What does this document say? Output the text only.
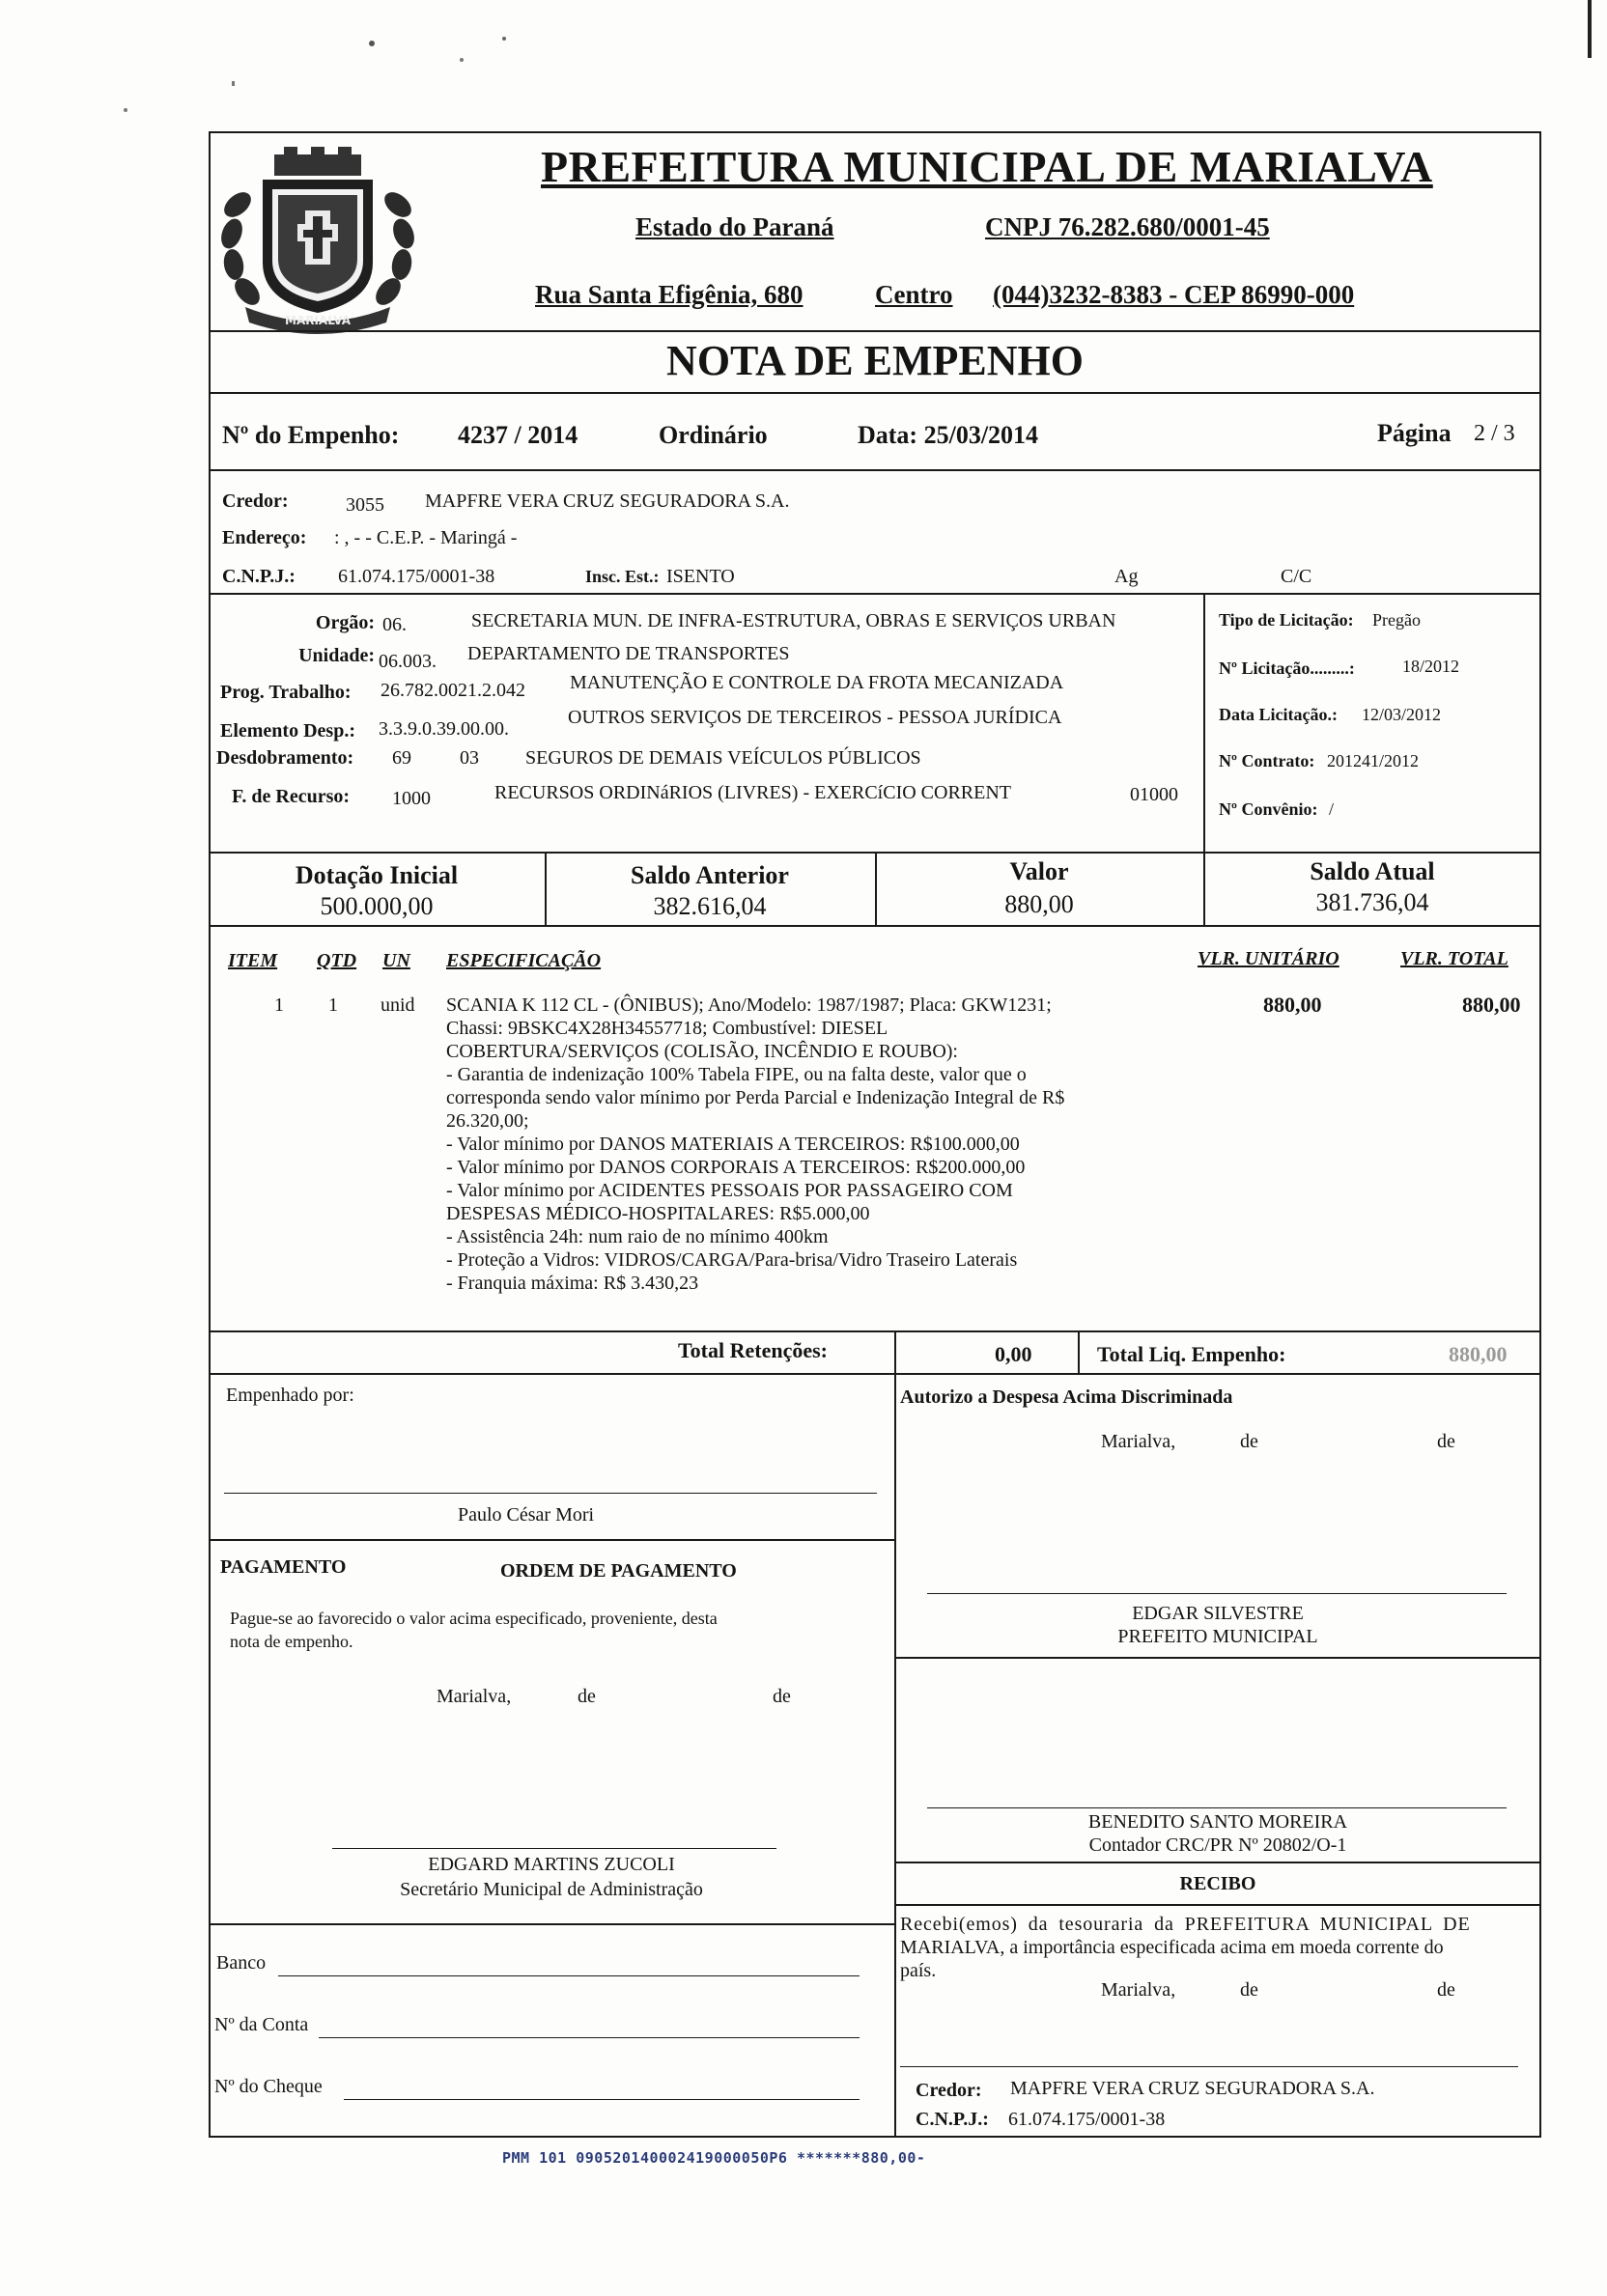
MARIALVA
PREFEITURA MUNICIPAL DE MARIALVA
Estado do Paraná	CNPJ 76.282.680/0001-45
Rua Santa Efigênia, 680	Centro (044)3232-8383 - CEP 86990-000
NOTA DE EMPENHO
Nº do Empenho: 4237 / 2014	Ordinário	Data: 25/03/2014	Página 2 / 3
Credor:	3055 MAPFRE VERA CRUZ SEGURADORA S.A.
Endereço: : , - - C.E.P. - Maringá -
C.N.P.J.: 61.074.175/0001-38	Insc. Est.: ISENTO	Ag	C/C
Orgão: 06.	SECRETARIA MUN. DE INFRA-ESTRUTURA, OBRAS E SERVIÇOS URBAN
Unidade: 06.003. DEPARTAMENTO DE TRANSPORTES
Prog. Trabalho: 26.782.0021.2.042 MANUTENÇÃO E CONTROLE DA FROTA MECANIZADA
Elemento Desp.: 3.3.9.0.39.00.00.
OUTROS SERVIÇOS DE TERCEIROS - PESSOA JURÍDICA
Desdobramento: 69	03 SEGUROS DE DEMAIS VEÍCULOS PÚBLICOS
F. de Recurso: 1000	RECURSOS ORDINáRIOS (LIVRES) - EXERCíCIO CORRENT	01000
Tipo de Licitação: Pregão
Nº Licitação.........:	18/2012
Data Licitação.: 12/03/2012
Nº Contrato: 201241/2012
Nº Convênio: /
Dotação Inicial
500.000,00
Saldo Anterior
382.616,04
Valor
880,00
Saldo Atual
381.736,04
ITEM QTD UN ESPECIFICAÇÃO	VLR. UNITÁRIO	VLR. TOTAL
1 1 unid	880,00	880,00
SCANIA K 112 CL - (ÔNIBUS); Ano/Modelo: 1987/1987; Placa: GKW1231;
Chassi: 9BSKC4X28H34557718; Combustível: DIESEL
COBERTURA/SERVIÇOS (COLISÃO, INCÊNDIO E ROUBO):
- Garantia de indenização 100% Tabela FIPE, ou na falta deste, valor que o
corresponda sendo valor mínimo por Perda Parcial e Indenização Integral de R$
26.320,00;
- Valor mínimo por DANOS MATERIAIS A TERCEIROS: R$100.000,00
- Valor mínimo por DANOS CORPORAIS A TERCEIROS: R$200.000,00
- Valor mínimo por ACIDENTES PESSOAIS POR PASSAGEIRO COM
DESPESAS MÉDICO-HOSPITALARES: R$5.000,00
- Assistência 24h: num raio de no mínimo 400km
- Proteção a Vidros: VIDROS/CARGA/Para-brisa/Vidro Traseiro Laterais
- Franquia máxima: R$ 3.430,23
Total Retenções:	0,00	Total Liq. Empenho:	880,00
Empenhado por:
Paulo César Mori
PAGAMENTO	ORDEM DE PAGAMENTO
Pague-se ao favorecido o valor acima especificado, proveniente, desta
nota de empenho.
Marialva,	de	de
EDGARD MARTINS ZUCOLI
Secretário Municipal de Administração
Banco
Nº da Conta
Nº do Cheque
Autorizo a Despesa Acima Discriminada
Marialva,	de	de
EDGAR SILVESTRE
PREFEITO MUNICIPAL
BENEDITO SANTO MOREIRA
Contador CRC/PR Nº 20802/O-1
RECIBO
Recebi(emos) da tesouraria da PREFEITURA MUNICIPAL DE
MARIALVA, a importância especificada acima em moeda corrente do
país.
Marialva,	de	de
Credor: MAPFRE VERA CRUZ SEGURADORA S.A.
C.N.P.J.: 61.074.175/0001-38
PMM 101 090520140002419000050P6 *******880,00-
